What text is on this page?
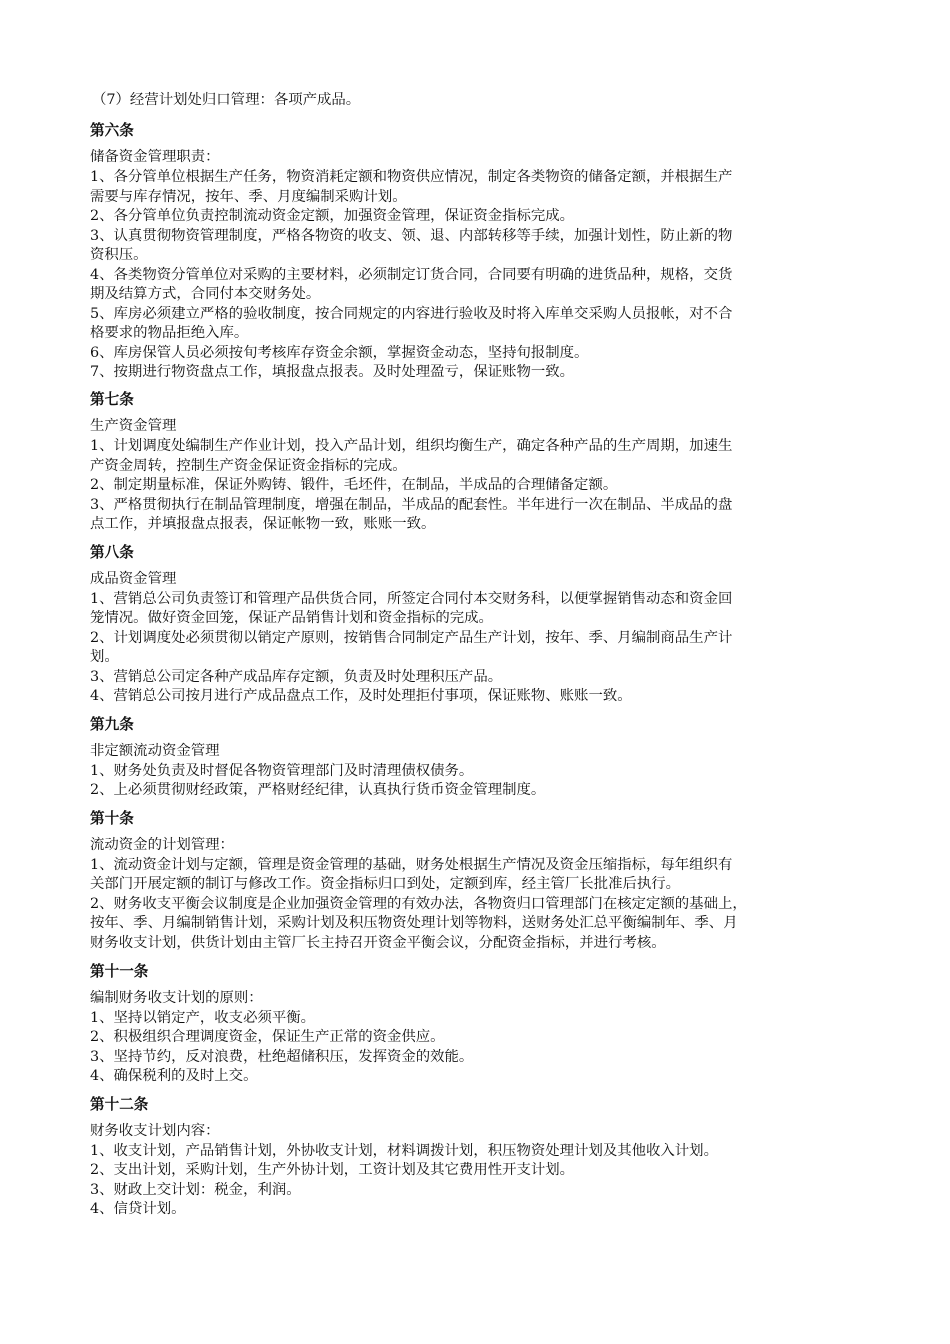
（7）经营计划处归口管理：各项产成品。
第六条
储备资金管理职责：
1、各分管单位根据生产任务，物资消耗定额和物资供应情况，制定各类物资的储备定额，并根据生产
需要与库存情况，按年、季、月度编制采购计划。
2、各分管单位负责控制流动资金定额，加强资金管理，保证资金指标完成。
3、认真贯彻物资管理制度，严格各物资的收支、领、退、内部转移等手续，加强计划性，防止新的物
资积压。
4、各类物资分管单位对采购的主要材料，必须制定订货合同，合同要有明确的进货品种，规格，交货
期及结算方式，合同付本交财务处。
5、库房必须建立严格的验收制度，按合同规定的内容进行验收及时将入库单交采购人员报帐，对不合
格要求的物品拒绝入库。
6、库房保管人员必须按旬考核库存资金余额，掌握资金动态，坚持旬报制度。
7、按期进行物资盘点工作，填报盘点报表。及时处理盈亏，保证账物一致。
第七条
生产资金管理
1、计划调度处编制生产作业计划，投入产品计划，组织均衡生产，确定各种产品的生产周期，加速生
产资金周转，控制生产资金保证资金指标的完成。
2、制定期量标准，保证外购铸、锻件，毛坯件，在制品，半成品的合理储备定额。
3、严格贯彻执行在制品管理制度，增强在制品，半成品的配套性。半年进行一次在制品、半成品的盘
点工作，并填报盘点报表，保证帐物一致，账账一致。
第八条
成品资金管理
1、营销总公司负责签订和管理产品供货合同，所签定合同付本交财务科，以便掌握销售动态和资金回
笼情况。做好资金回笼，保证产品销售计划和资金指标的完成。
2、计划调度处必须贯彻以销定产原则，按销售合同制定产品生产计划，按年、季、月编制商品生产计
划。
3、营销总公司定各种产成品库存定额，负责及时处理积压产品。
4、营销总公司按月进行产成品盘点工作，及时处理拒付事项，保证账物、账账一致。
第九条
非定额流动资金管理
1、财务处负责及时督促各物资管理部门及时清理债权债务。
2、上必须贯彻财经政策，严格财经纪律，认真执行货币资金管理制度。
第十条
流动资金的计划管理：
1、流动资金计划与定额，管理是资金管理的基础，财务处根据生产情况及资金压缩指标，每年组织有
关部门开展定额的制订与修改工作。资金指标归口到处，定额到库，经主管厂长批准后执行。
2、财务收支平衡会议制度是企业加强资金管理的有效办法，各物资归口管理部门在核定定额的基础上，
按年、季、月编制销售计划，采购计划及积压物资处理计划等物料，送财务处汇总平衡编制年、季、月
财务收支计划，供货计划由主管厂长主持召开资金平衡会议，分配资金指标，并进行考核。
第十一条
编制财务收支计划的原则：
1、坚持以销定产，收支必须平衡。
2、积极组织合理调度资金，保证生产正常的资金供应。
3、坚持节约，反对浪费，杜绝超储积压，发挥资金的效能。
4、确保税利的及时上交。
第十二条
财务收支计划内容：
1、收支计划，产品销售计划，外协收支计划，材料调拨计划，积压物资处理计划及其他收入计划。
2、支出计划，采购计划，生产外协计划，工资计划及其它费用性开支计划。
3、财政上交计划：税金，利润。
4、信贷计划。
